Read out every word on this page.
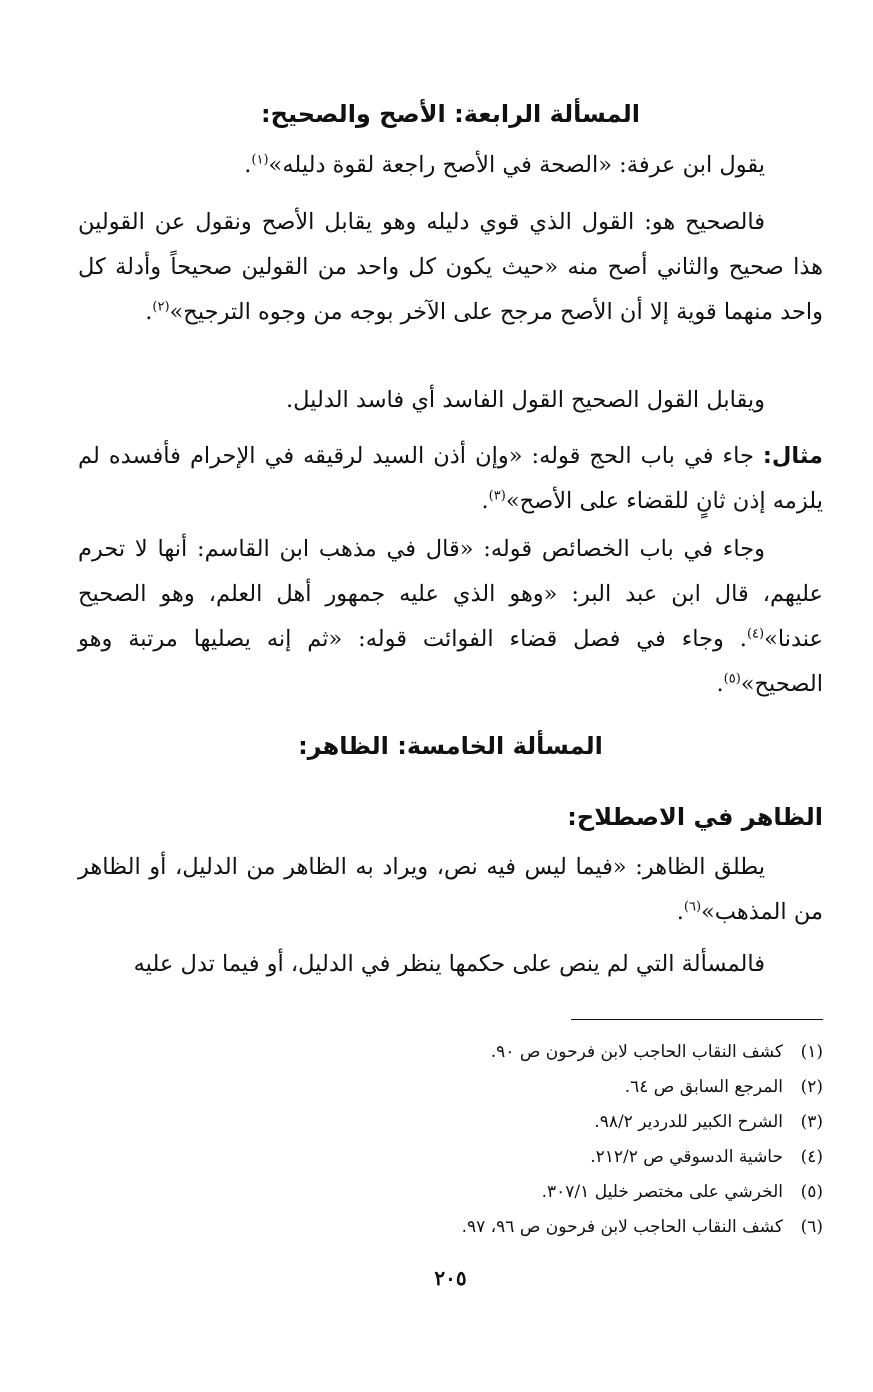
المسألة الرابعة: الأصح والصحيح:

يقول ابن عرفة: «الصحة في الأصح راجعة لقوة دليله»$^{(١)}$.

فالصحيح هو: القول الذي قوي دليله وهو يقابل الأصح ونقول عن القولين هذا صحيح والثاني أصح منه «حيث يكون كل واحد من القولين صحيحاً وأدلة كل واحد منهما قوية إلا أن الأصح مرجح على الآخر بوجه من وجوه الترجيح»$^{(٢)}$.

ويقابل القول الصحيح القول الفاسد أي فاسد الدليل.

مثال: جاء في باب الحج قوله: «وإن أذن السيد لرقيقه في الإحرام فأفسده لم يلزمه إذن ثانٍ للقضاء على الأصح»$^{(٣)}$.

وجاء في باب الخصائص قوله: «قال في مذهب ابن القاسم: أنها لا تحرم عليهم، قال ابن عبد البر: «وهو الذي عليه جمهور أهل العلم، وهو الصحيح عندنا»$^{(٤)}$. وجاء في فصل قضاء الفوائت قوله: «ثم إنه يصليها مرتبة وهو الصحيح»$^{(٥)}$.

المسألة الخامسة: الظاهر:
الظاهر في الاصطلاح:

يطلق الظاهر: «فيما ليس فيه نص، ويراد به الظاهر من الدليل، أو الظاهر من المذهب»$^{(٦)}$.

فالمسألة التي لم ينص على حكمها ينظر في الدليل، أو فيما تدل عليه

(١)كشف النقاب الحاجب لابن فرحون ص ٩٠.
(٢)المرجع السابق ص ٦٤.
(٣)الشرح الكبير للدردير ٩٨/٢.
(٤)حاشية الدسوقي ص ٢١٢/٢.
(٥)الخرشي على مختصر خليل ٣٠٧/١.
(٦)كشف النقاب الحاجب لابن فرحون ص ٩٦، ٩٧.
٢٠٥
